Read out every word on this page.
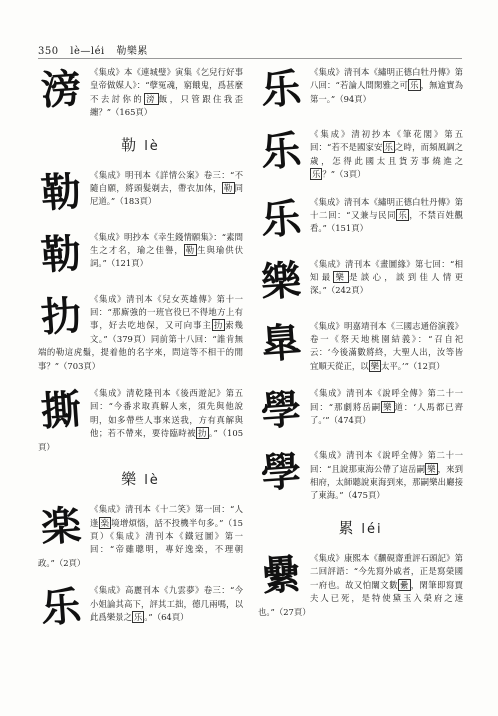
350 lè—léi 勒樂累
滂 《集成》本《連城璧》寅集《乞兒行好事　皇帝做媒人》：“孽冤魂，窮餓鬼，爲甚麼不去討你的 滂 飯，只管跟住我歪纏？”（165頁）
勒 lè
勒 《集成》明刊本《詳情公案》卷三：“不隨自願，將頭髮剃去，帶衣加体， 勒 同尼道。”（183頁）
勒 《集成》明抄本《幸生錢情願集》：“素間生之才名，瑜之佳譽， 勒 生與瑜供伏詞。”（121頁）
扐 《集成》清刊本《兒女英雄傳》第十一回：“那廝強的一班官役巳不得地方上有事，好去吃地保，又可向事主 扐 索幾文。”（379頁）同前第十八回：“誰肯無端的勒這虎鬚，提着他的名字來，問這等不相干的閒事？”（703頁）
撕 《集成》清乾隆刊本《後西遊記》第五回：“今番求取真解人來，須先與他說明，如多帶些人事來送我，方有真解與他；若不帶來，要待臨時被 扐 。”（105頁）
樂 lè
楽 《集成》清刊本《十二笑》第一回：“人逢 楽 境增煩惱，話不投機半句多。”（15頁）《集成》清刊本《鐵冠圖》第一回：“帝雖聰明，專好逸楽，不理朝政。”（2頁）
乐 《集成》高麗刊本《九雲夢》卷三：“今小姐論其高下，評其工拙，德几兩嗎，以此爲樂景之 乐 。”（64頁）
乐 《集成》清刊本《繡明正德白牡丹傳》第八回：“若論人間閑雅之可 乐 ，無逾實為第一。”（94頁）
乐 《集成》清初抄本《筆花閣》第五回：“若不是國家安 乐 之時，而頻風調之歲，怎得此國太且貨芳事燒進之乐 ？”（3頁）
乐 《集成》清刊本《繡明正德白牡丹傳》第十二回：“又兼与民同 乐 ，不禁百姓觀看。”（151頁）
樂 《集成》清刊本《畫圖緣》第七回：“相知最 樂 是談心，談到佳人情更深。”（242頁）
臯 《集成》明嘉靖刊本《三國志通俗演義》卷一《祭天地桃園結義》：“召自祀云：‘今後滿數將終，大聖人出，汝等皆宜順天從正，以 樂 太平。’”（12頁）
學 《集成》清刊本《說呼全傳》第二十一回：“那劇將岳嗣 樂 道：‘人馬都已齊了。’”（474頁）
學 《集成》清刊本《說呼全傳》第二十一回：“且說那東海公帶了這岳嗣 樂 ，來到相府，太師聽說東海到來，那嗣樂出廳接了東海。”（475頁）
累 léi
纍 《集成》康熙本《飜硯齋重評石頭記》第二回評語：“今先寫外戚者，正是寫榮國一府也。故又怕闈文數 纍 ，閑筆即寫賈夫人已死，是特使黛玉入榮府之速也。”（27頁）
